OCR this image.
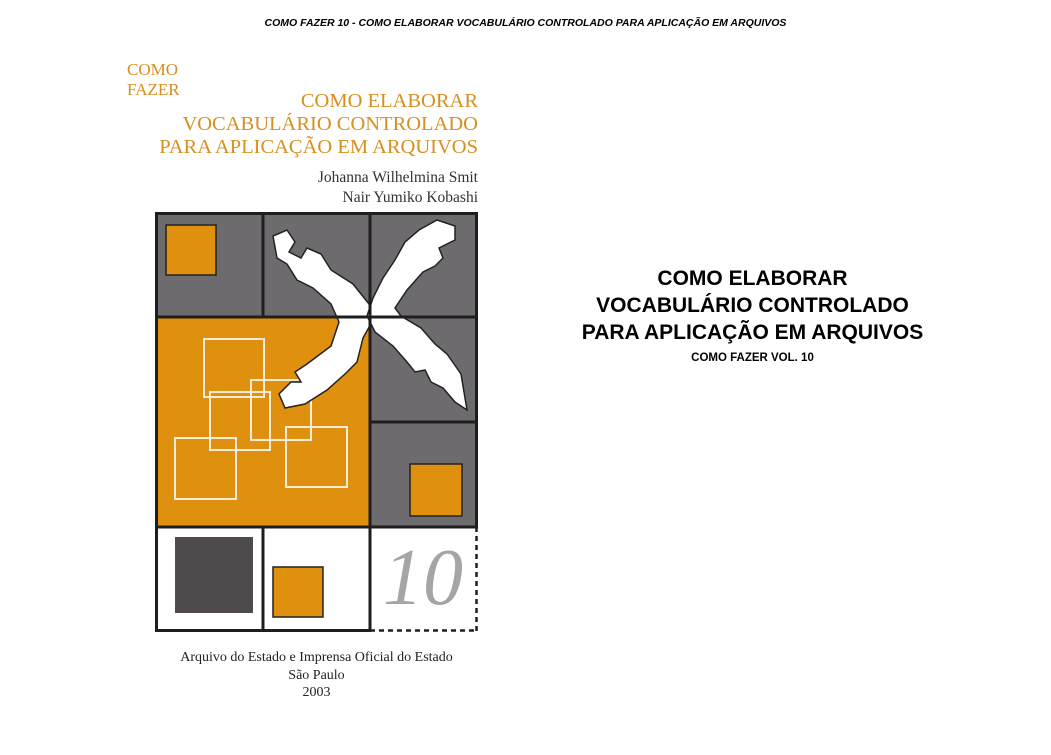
COMO FAZER 10 - COMO ELABORAR VOCABULÁRIO CONTROLADO PARA APLICAÇÃO EM ARQUIVOS
COMO FAZER
COMO ELABORAR
VOCABULÁRIO CONTROLADO
PARA APLICAÇÃO EM ARQUIVOS
Johanna Wilhelmina Smit
Nair Yumiko Kobashi
10
Arquivo do Estado e Imprensa Oficial do Estado
São Paulo
2003
COMO ELABORAR
VOCABULÁRIO CONTROLADO
PARA APLICAÇÃO EM ARQUIVOS
COMO FAZER VOL. 10
